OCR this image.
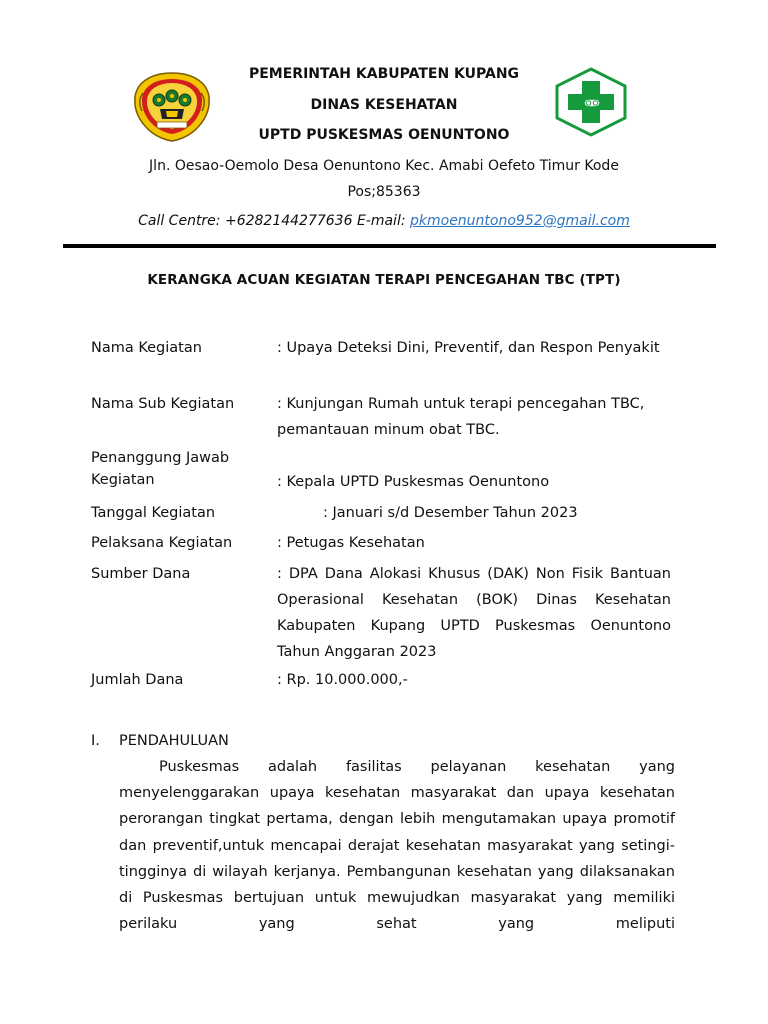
PEMERINTAH KABUPATEN KUPANG
DINAS KESEHATAN
UPTD PUSKESMAS OENUNTONO
Jln. Oesao-Oemolo Desa Oenuntono Kec. Amabi Oefeto Timur Kode
Pos;85363
Call Centre: +6282144277636 E-mail: pkmoenuntono952@gmail.com
KERANGKA ACUAN KEGIATAN TERAPI PENCEGAHAN TBC (TPT)
Nama Kegiatan	: Upaya Deteksi Dini, Preventif, dan Respon Penyakit
Nama Sub Kegiatan	: Kunjungan Rumah untuk terapi pencegahan TBC, pemantauan minum obat TBC.
Penanggung Jawab Kegiatan	: Kepala UPTD Puskesmas Oenuntono
Tanggal Kegiatan	: Januari s/d Desember Tahun 2023
Pelaksana Kegiatan	: Petugas Kesehatan
Sumber Dana	: DPA Dana Alokasi Khusus (DAK) Non Fisik Bantuan Operasional Kesehatan (BOK) Dinas Kesehatan Kabupaten Kupang UPTD Puskesmas Oenuntono Tahun Anggaran 2023
Jumlah Dana	: Rp. 10.000.000,-
I. PENDAHULUAN
Puskesmas adalah fasilitas pelayanan kesehatan yang menyelenggarakan upaya kesehatan masyarakat dan upaya kesehatan perorangan tingkat pertama, dengan lebih mengutamakan upaya promotif dan preventif,untuk mencapai derajat kesehatan masyarakat yang setingi- tingginya di wilayah kerjanya. Pembangunan kesehatan yang dilaksanakan di Puskesmas bertujuan untuk mewujudkan masyarakat yang memiliki perilaku yang sehat yang meliputi
